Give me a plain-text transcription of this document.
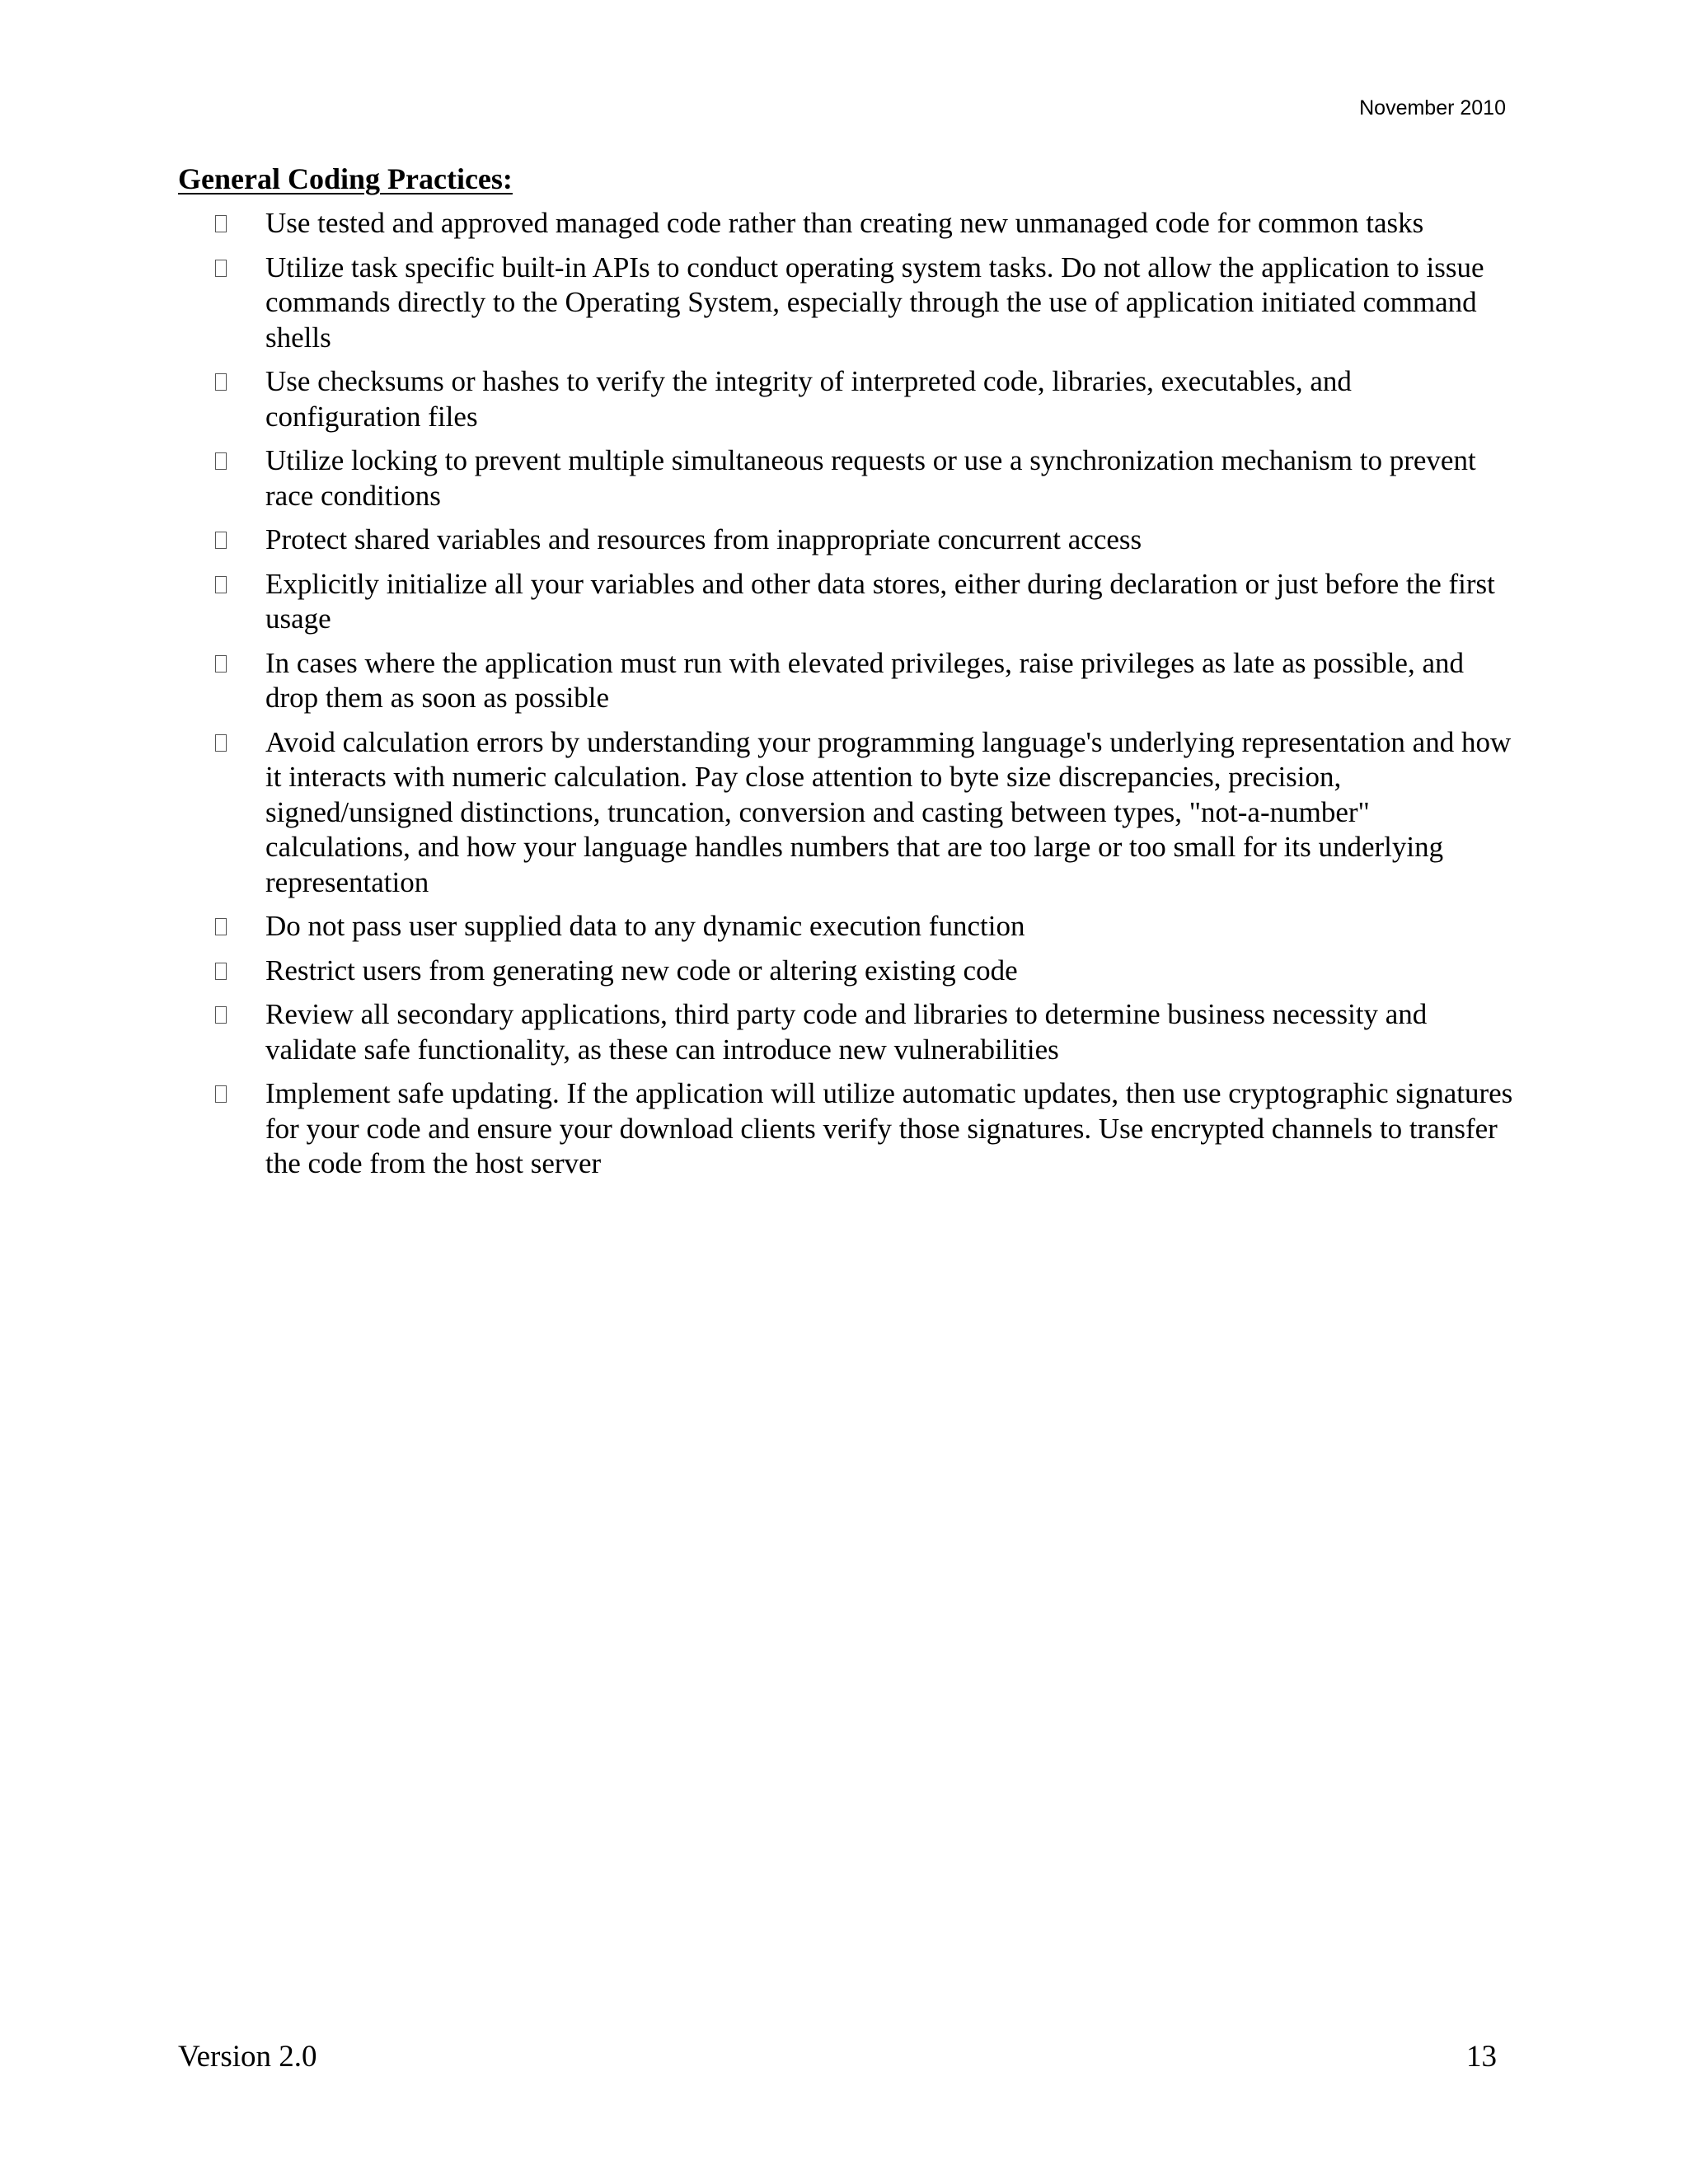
November 2010
General Coding Practices:
Use tested and approved managed code rather than creating new unmanaged code for common tasks
Utilize task specific built-in APIs to conduct operating system tasks. Do not allow the application to issue commands directly to the Operating System, especially through the use of application initiated command shells
Use checksums or hashes to verify the integrity of interpreted code, libraries, executables, and configuration files
Utilize locking to prevent multiple simultaneous requests or use a synchronization mechanism to prevent race conditions
Protect shared variables and resources from inappropriate concurrent access
Explicitly initialize all your variables and other data stores, either during declaration or just before the first usage
In cases where the application must run with elevated privileges, raise privileges as late as possible, and drop them as soon as possible
Avoid calculation errors by understanding your programming language's underlying representation and how it interacts with numeric calculation. Pay close attention to byte size discrepancies, precision, signed/unsigned distinctions, truncation, conversion and casting between types, "not-a-number" calculations, and how your language handles numbers that are too large or too small for its underlying representation
Do not pass user supplied data to any dynamic execution function
Restrict users from generating new code or altering existing code
Review all secondary applications, third party code and libraries to determine business necessity and validate safe functionality, as these can introduce new vulnerabilities
Implement safe updating. If the application will utilize automatic updates, then use cryptographic signatures for your code and ensure your download clients verify those signatures. Use encrypted channels to transfer the code from the host server
Version 2.0	13
